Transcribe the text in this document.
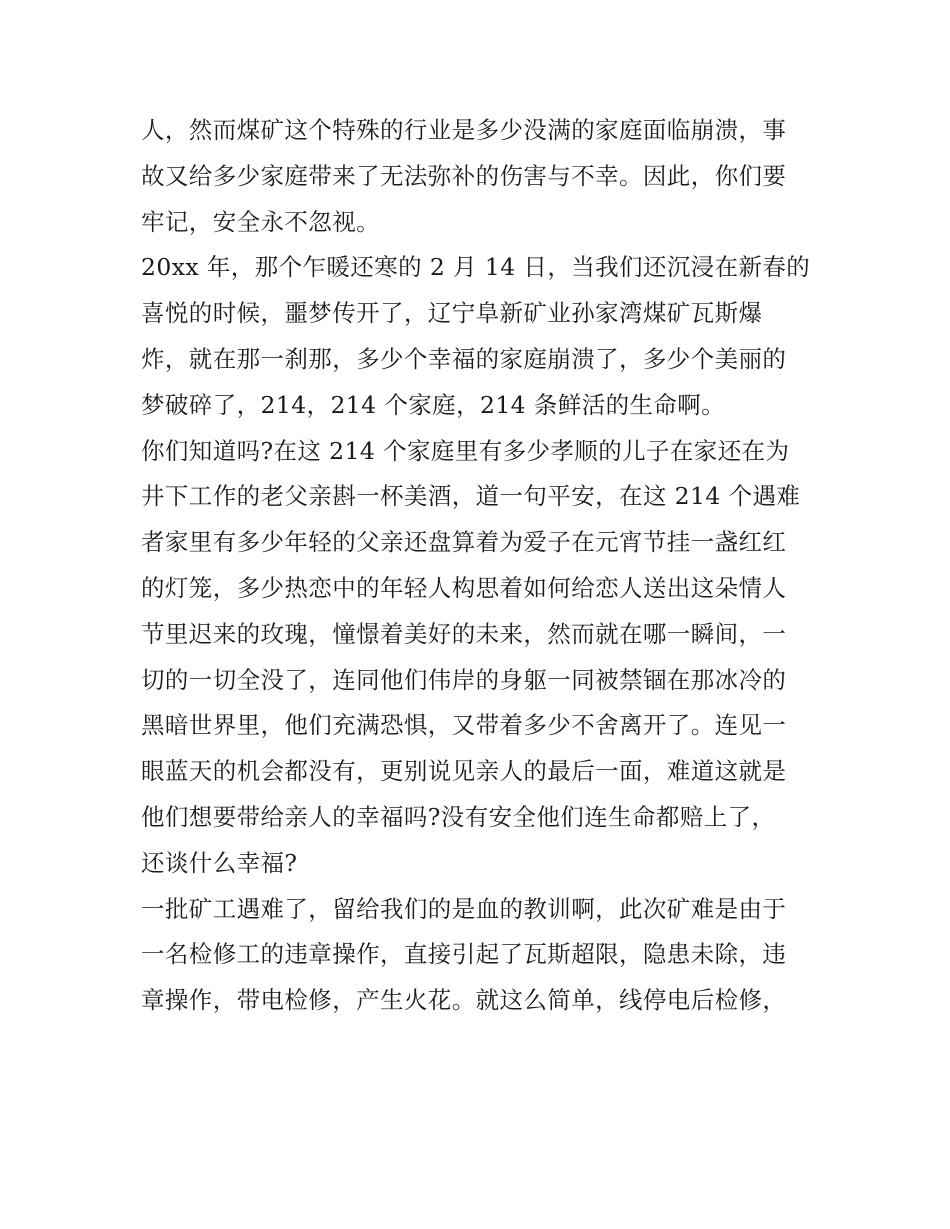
人，然而煤矿这个特殊的行业是多少没满的家庭面临崩溃，事
故又给多少家庭带来了无法弥补的伤害与不幸。因此，你们要
牢记，安全永不忽视。
20xx 年，那个乍暖还寒的 2 月 14 日，当我们还沉浸在新春的
喜悦的时候，噩梦传开了，辽宁阜新矿业孙家湾煤矿瓦斯爆
炸，就在那一刹那，多少个幸福的家庭崩溃了，多少个美丽的
梦破碎了，214，214 个家庭，214 条鲜活的生命啊。
你们知道吗?在这 214 个家庭里有多少孝顺的儿子在家还在为
井下工作的老父亲斟一杯美酒，道一句平安，在这 214 个遇难
者家里有多少年轻的父亲还盘算着为爱子在元宵节挂一盏红红
的灯笼，多少热恋中的年轻人构思着如何给恋人送出这朵情人
节里迟来的玫瑰，憧憬着美好的未来，然而就在哪一瞬间，一
切的一切全没了，连同他们伟岸的身躯一同被禁锢在那冰冷的
黑暗世界里，他们充满恐惧，又带着多少不舍离开了。连见一
眼蓝天的机会都没有，更别说见亲人的最后一面，难道这就是
他们想要带给亲人的幸福吗?没有安全他们连生命都赔上了，
还谈什么幸福?
一批矿工遇难了，留给我们的是血的教训啊，此次矿难是由于
一名检修工的违章操作，直接引起了瓦斯超限，隐患未除，违
章操作，带电检修，产生火花。就这么简单，线停电后检修，
